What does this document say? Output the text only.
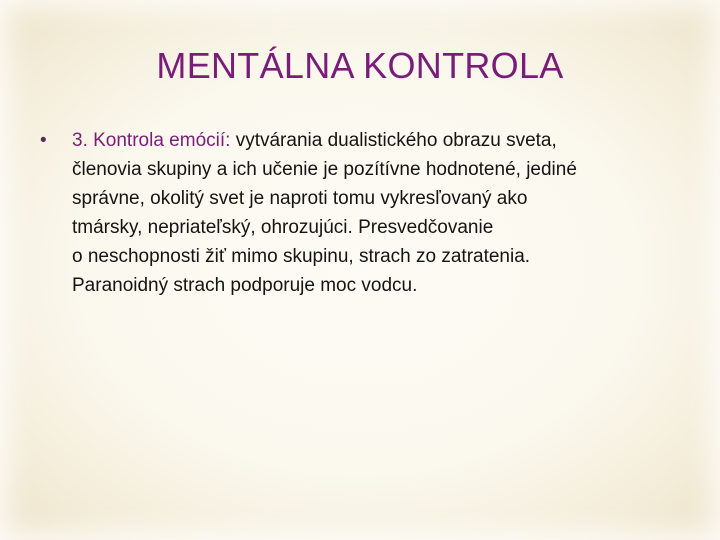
MENTÁLNA KONTROLA
•	3. Kontrola emócií: vytvárania dualistického obrazu sveta,
členovia skupiny a ich učenie je pozítívne hodnotené, jediné
správne, okolitý svet je naproti tomu vykresľovaný ako
tmársky, nepriateľský, ohrozujúci. Presvedčovanie
o neschopnosti žiť mimo skupinu, strach zo zatratenia.
Paranoidný strach podporuje moc vodcu.
